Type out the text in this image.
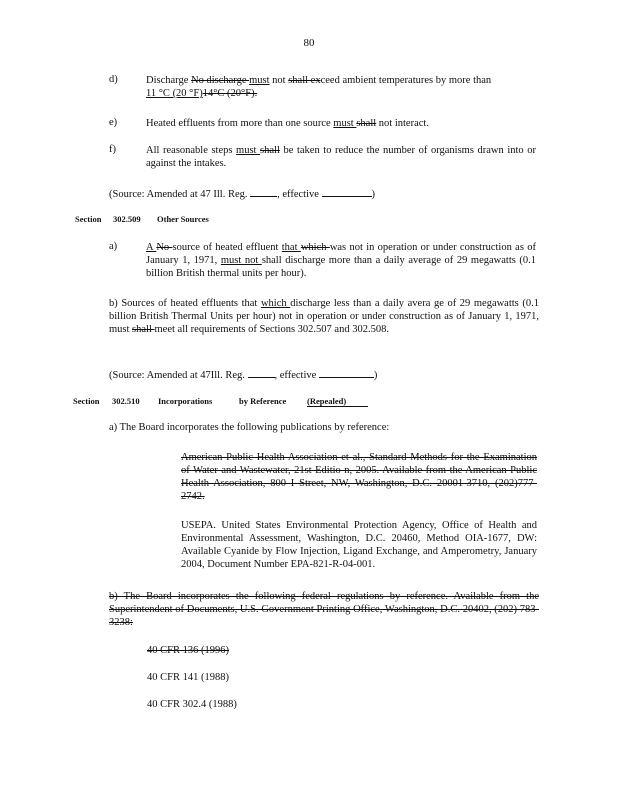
80
d)	Discharge No discharge must not shall exceed ambient temperatures by more than
11 °C (20 °F)14°C (20°F).
e)	Heated effluents from more than one source must shall not interact.
f)	All reasonable steps must shall be taken to reduce the number of organisms drawn into or against the intakes.
(Source: Amended at 47 Ill. Reg.	, effective	)
Section 302.509 Other Sources
a)	A No source of heated effluent that which was not in operation or under construction as of January 1, 1971, must not shall discharge more than a daily average of 29 megawatts (0.1 billion British thermal units per hour).
b) Sources of heated effluents that which discharge less than a daily avera ge of 29 megawatts (0.1 billion British Thermal Units per hour) not in operation or under construction as of January 1, 1971, must shall meet all requirements of Sections 302.507 and 302.508.
(Source: Amended at 47Ill. Reg.	, effective	)
Section 302.510 Incorporations	by Reference (Repealed)
a) The Board incorporates the following publications by reference:
American Public Health Association et al., Standard Methods for the Examination of Water and Wastewater, 21st Editio n, 2005. Available from the American Public Health Association, 800 I Street, NW, Washington, D.C. 20001-3710, (202)777-2742.
USEPA. United States Environmental Protection Agency, Office of Health and Environmental Assessment, Washington, D.C. 20460, Method OIA-1677, DW: Available Cyanide by Flow Injection, Ligand Exchange, and Amperometry, January 2004, Document Number EPA-821-R-04-001.
b) The Board incorporates the following federal regulations by reference. Available from the Superintendent of Documents, U.S. Government Printing Office, Washington, D.C. 20402, (202) 783-3238:
40 CFR 136 (1996)
40 CFR 141 (1988)
40 CFR 302.4 (1988)
